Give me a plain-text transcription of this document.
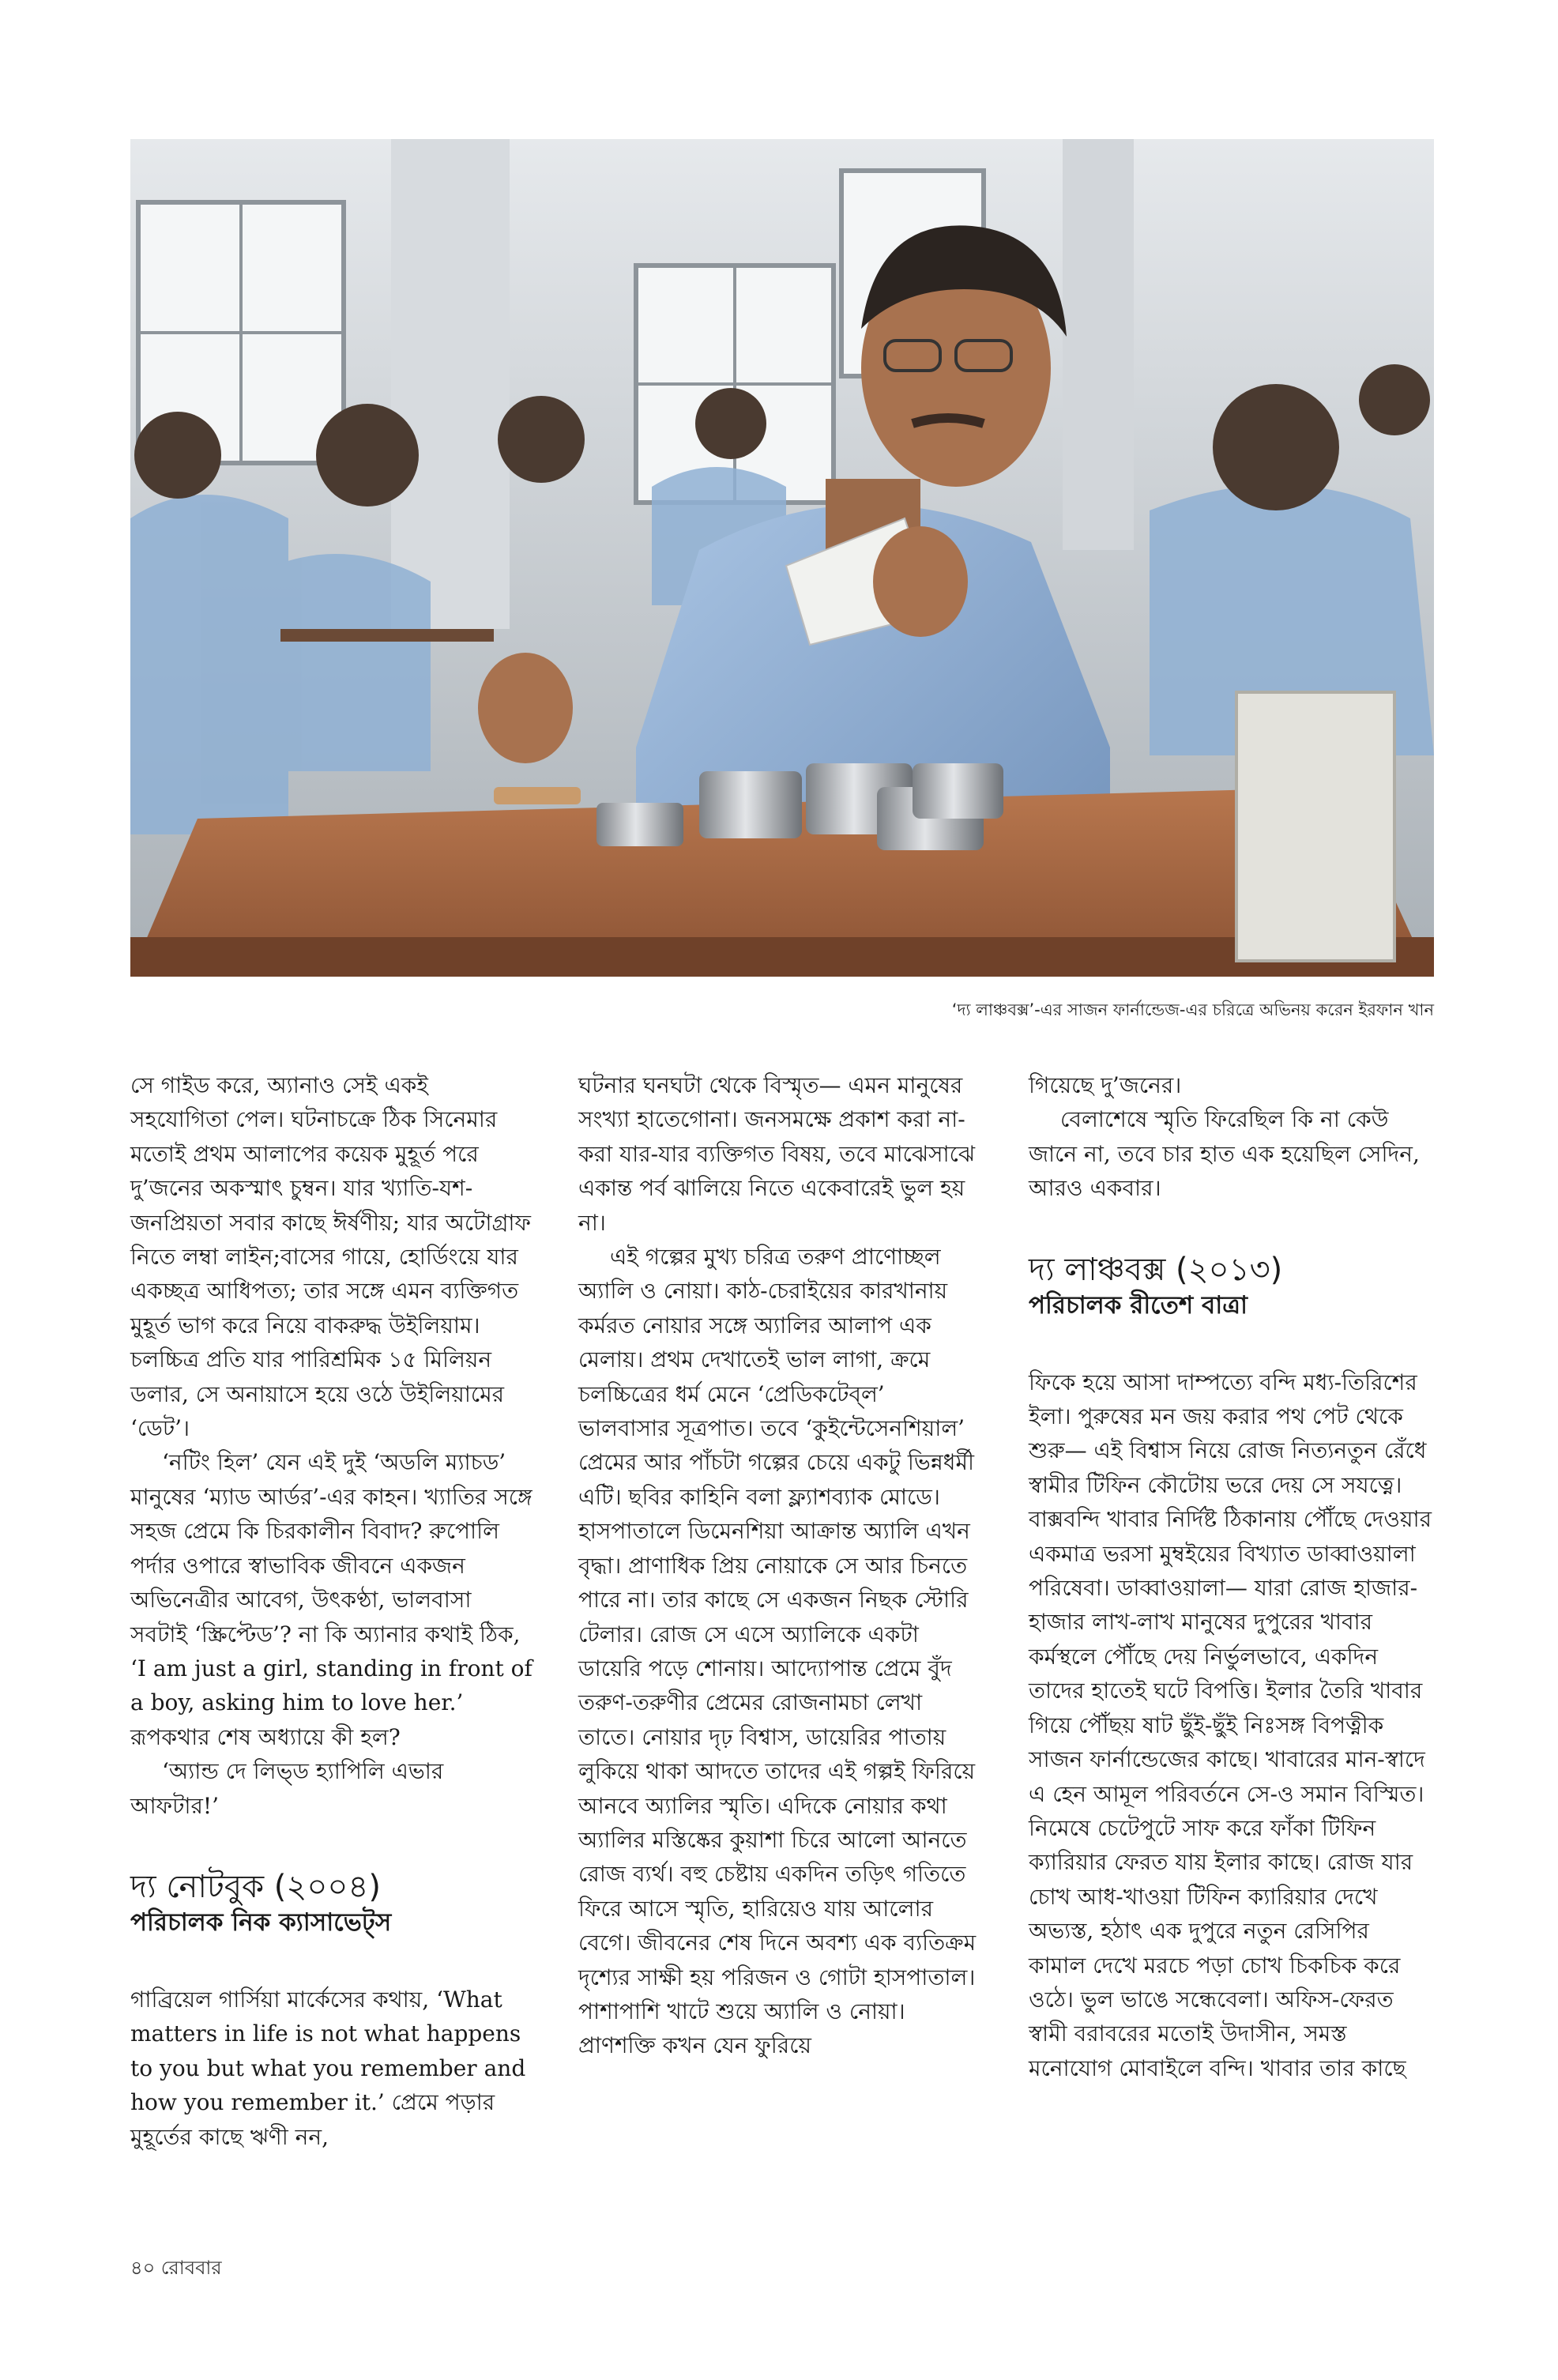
‘দ্য লাঞ্চবক্স’-এর সাজন ফার্নান্ডেজ-এর চরিত্রে অভিনয় করেন ইরফান খান

সে গাইড করে, অ্যানাও সেই একই সহযোগিতা পেল। ঘটনাচক্রে ঠিক সিনেমার মতোই প্রথম আলাপের কয়েক মুহূর্ত পরে দু’জনের অকস্মাৎ চুম্বন। যার খ্যাতি-যশ-জনপ্রিয়তা সবার কাছে ঈর্ষণীয়; যার অটোগ্রাফ নিতে লম্বা লাইন;বাসের গায়ে, হোর্ডিংয়ে যার একচ্ছত্র আধিপত্য; তার সঙ্গে এমন ব্যক্তিগত মুহূর্ত ভাগ করে নিয়ে বাকরুদ্ধ উইলিয়াম। চলচ্চিত্র প্রতি যার পারিশ্রমিক ১৫ মিলিয়ন ডলার, সে অনায়াসে হয়ে ওঠে উইলিয়ামের ‘ডেট’।

‘নটিং হিল’ যেন এই দুই ‘অডলি ম্যাচড’ মানুষের ‘ম্যাড আর্ডর’-এর কাহন। খ্যাতির সঙ্গে সহজ প্রেমে কি চিরকালীন বিবাদ? রুপোলি পর্দার ওপারে স্বাভাবিক জীবনে একজন অভিনেত্রীর আবেগ, উৎকণ্ঠা, ভালবাসা সবটাই ‘স্ক্রিপ্টেড’? না কি অ্যানার কথাই ঠিক, ‘I am just a girl, standing in front of a boy, asking him to love her.’ রূপকথার শেষ অধ্যায়ে কী হল?

‘অ্যান্ড দে লিভ্‌ড হ্যাপিলি এভার আফটার!’

দ্য নোটবুক (২০০৪)
পরিচালক নিক ক্যাসাভেট্‌স

গাব্রিয়েল গার্সিয়া মার্কেসের কথায়, ‘What matters in life is not what happens to you but what you remember and how you remember it.’ প্রেমে পড়ার মুহূর্তের কাছে ঋণী নন,

ঘটনার ঘনঘটা থেকে বিস্মৃত— এমন মানুষের সংখ্যা হাতেগোনা। জনসমক্ষে প্রকাশ করা না-করা যার-যার ব্যক্তিগত বিষয়, তবে মাঝেসাঝে একান্ত পর্ব ঝালিয়ে নিতে একেবারেই ভুল হয় না।

এই গল্পের মুখ্য চরিত্র তরুণ প্রাণোচ্ছল অ্যালি ও নোয়া। কাঠ-চেরাইয়ের কারখানায় কর্মরত নোয়ার সঙ্গে অ্যালির আলাপ এক মেলায়। প্রথম দেখাতেই ভাল লাগা, ক্রমে চলচ্চিত্রের ধর্ম মেনে ‘প্রেডিকটেব্‌ল’ ভালবাসার সূত্রপাত। তবে ‘কুইন্টেসেনশিয়াল’ প্রেমের আর পাঁচটা গল্পের চেয়ে একটু ভিন্নধর্মী এটি। ছবির কাহিনি বলা ফ্ল্যাশব্যাক মোডে। হাসপাতালে ডিমেনশিয়া আক্রান্ত অ্যালি এখন বৃদ্ধা। প্রাণাধিক প্রিয় নোয়াকে সে আর চিনতে পারে না। তার কাছে সে একজন নিছক স্টোরি টেলার। রোজ সে এসে অ্যালিকে একটা ডায়েরি পড়ে শোনায়। আদ্যোপান্ত প্রেমে বুঁদ তরুণ-তরুণীর প্রেমের রোজনামচা লেখা তাতে। নোয়ার দৃঢ় বিশ্বাস, ডায়েরির পাতায় লুকিয়ে থাকা আদতে তাদের এই গল্পই ফিরিয়ে আনবে অ্যালির স্মৃতি। এদিকে নোয়ার কথা অ্যালির মস্তিষ্কের কুয়াশা চিরে আলো আনতে রোজ ব্যর্থ। বহু চেষ্টায় একদিন তড়িৎ গতিতে ফিরে আসে স্মৃতি, হারিয়েও যায় আলোর বেগে। জীবনের শেষ দিনে অবশ্য এক ব্যতিক্রম দৃশ্যের সাক্ষী হয় পরিজন ও গোটা হাসপাতাল। পাশাপাশি খাটে শুয়ে অ্যালি ও নোয়া। প্রাণশক্তি কখন যেন ফুরিয়ে

গিয়েছে দু’জনের।

বেলাশেষে স্মৃতি ফিরেছিল কি না কেউ জানে না, তবে চার হাত এক হয়েছিল সেদিন, আরও একবার।

দ্য লাঞ্চবক্স (২০১৩)
পরিচালক রীতেশ বাত্রা

ফিকে হয়ে আসা দাম্পত্যে বন্দি মধ্য-তিরিশের ইলা। পুরুষের মন জয় করার পথ পেট থেকে শুরু— এই বিশ্বাস নিয়ে রোজ নিত্যনতুন রেঁধে স্বামীর টিফিন কৌটোয় ভরে দেয় সে সযত্নে। বাক্সবন্দি খাবার নির্দিষ্ট ঠিকানায় পৌঁছে দেওয়ার একমাত্র ভরসা মুম্বইয়ের বিখ্যাত ডাব্বাওয়ালা পরিষেবা। ডাব্বাওয়ালা— যারা রোজ হাজার-হাজার লাখ-লাখ মানুষের দুপুরের খাবার কর্মস্থলে পৌঁছে দেয় নির্ভুলভাবে, একদিন তাদের হাতেই ঘটে বিপত্তি। ইলার তৈরি খাবার গিয়ে পৌঁছয় ষাট ছুঁই-ছুঁই নিঃসঙ্গ বিপত্নীক সাজন ফার্নান্ডেজের কাছে। খাবারের মান-স্বাদে এ হেন আমূল পরিবর্তনে সে-ও সমান বিস্মিত। নিমেষে চেটেপুটে সাফ করে ফাঁকা টিফিন ক্যারিয়ার ফেরত যায় ইলার কাছে। রোজ যার চোখ আধ-খাওয়া টিফিন ক্যারিয়ার দেখে অভ্যস্ত, হঠাৎ এক দুপুরে নতুন রেসিপির কামাল দেখে মরচে পড়া চোখ চিকচিক করে ওঠে। ভুল ভাঙে সন্ধেবেলা। অফিস-ফেরত স্বামী বরাবরের মতোই উদাসীন, সমস্ত মনোযোগ মোবাইলে বন্দি। খাবার তার কাছে

৪০ রোববার
